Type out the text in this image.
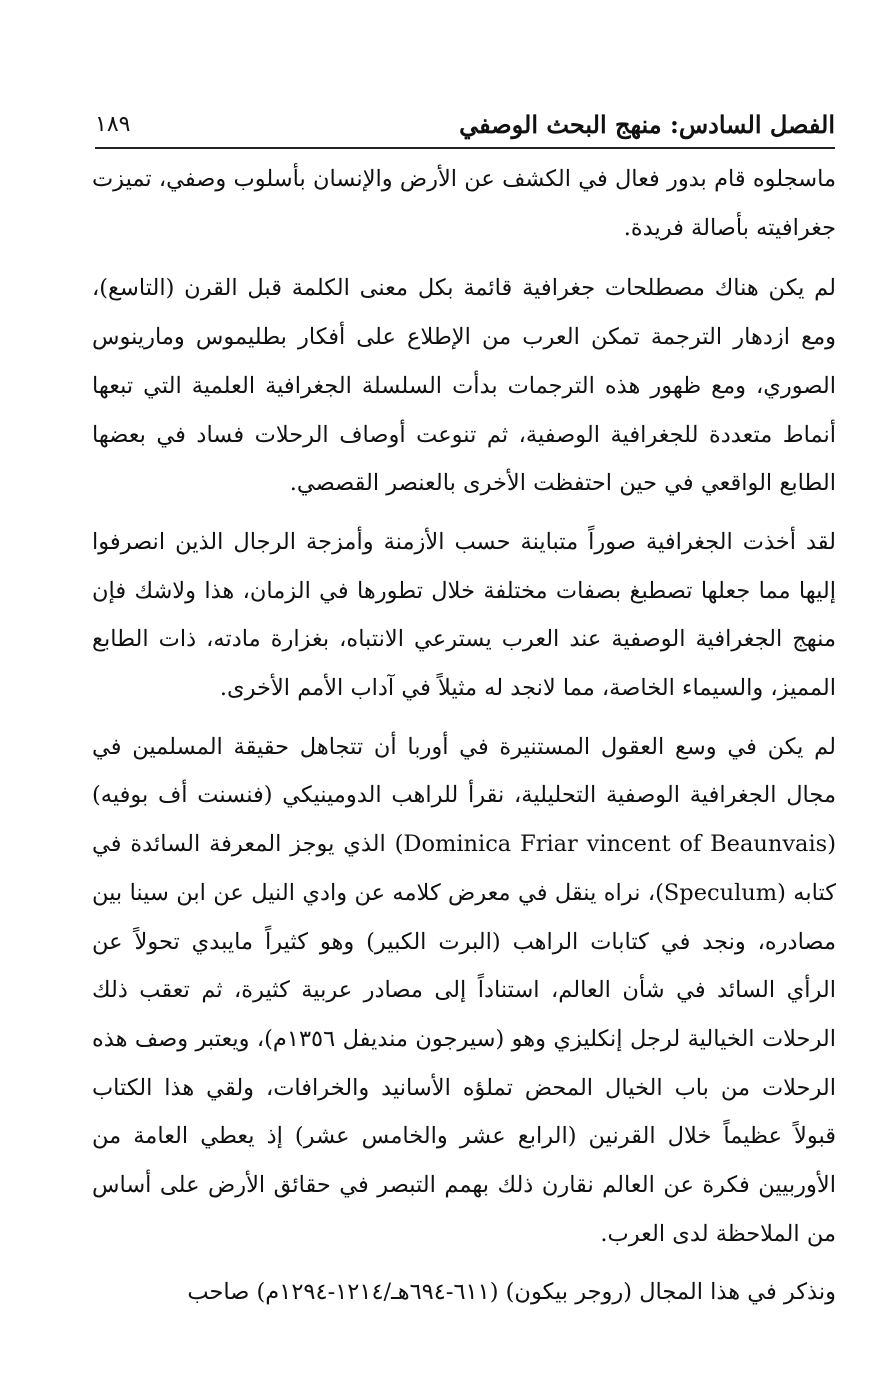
الفصل السادس: منهج البحث الوصفي
١٨٩

ماسجلوه قام بدور فعال في الكشف عن الأرض والإنسان بأسلوب وصفي، تميزت جغرافيته بأصالة فريدة.

لم يكن هناك مصطلحات جغرافية قائمة بكل معنى الكلمة قبل القرن (التاسع)، ومع ازدهار الترجمة تمكن العرب من الإطلاع على أفكار بطليموس ومارينوس الصوري، ومع ظهور هذه الترجمات بدأت السلسلة الجغرافية العلمية التي تبعها أنماط متعددة للجغرافية الوصفية، ثم تنوعت أوصاف الرحلات فساد في بعضها الطابع الواقعي في حين احتفظت الأخرى بالعنصر القصصي.

لقد أخذت الجغرافية صوراً متباينة حسب الأزمنة وأمزجة الرجال الذين انصرفوا إليها مما جعلها تصطبغ بصفات مختلفة خلال تطورها في الزمان، هذا ولاشك فإن منهج الجغرافية الوصفية عند العرب يسترعي الانتباه، بغزارة مادته، ذات الطابع المميز، والسيماء الخاصة، مما لانجد له مثيلاً في آداب الأمم الأخرى.

لم يكن في وسع العقول المستنيرة في أوربا أن تتجاهل حقيقة المسلمين في مجال الجغرافية الوصفية التحليلية، نقرأ للراهب الدومينيكي (فنسنت أف بوفيه) (Dominica Friar vincent of Beaunvais) الذي يوجز المعرفة السائدة في كتابه (Speculum)، نراه ينقل في معرض كلامه عن وادي النيل عن ابن سينا بين مصادره، ونجد في كتابات الراهب (البرت الكبير) وهو كثيراً مايبدي تحولاً عن الرأي السائد في شأن العالم، استناداً إلى مصادر عربية كثيرة، ثم تعقب ذلك الرحلات الخيالية لرجل إنكليزي وهو (سيرجون منديفل ١٣٥٦م)، ويعتبر وصف هذه الرحلات من باب الخيال المحض تملؤه الأسانيد والخرافات، ولقي هذا الكتاب قبولاً عظيماً خلال القرنين (الرابع عشر والخامس عشر) إذ يعطي العامة من الأوربيين فكرة عن العالم نقارن ذلك بهمم التبصر في حقائق الأرض على أساس من الملاحظة لدى العرب.

ونذكر في هذا المجال (روجر بيكون) (٦١١-٦٩٤هـ/١٢١٤-١٢٩٤م) صاحب
